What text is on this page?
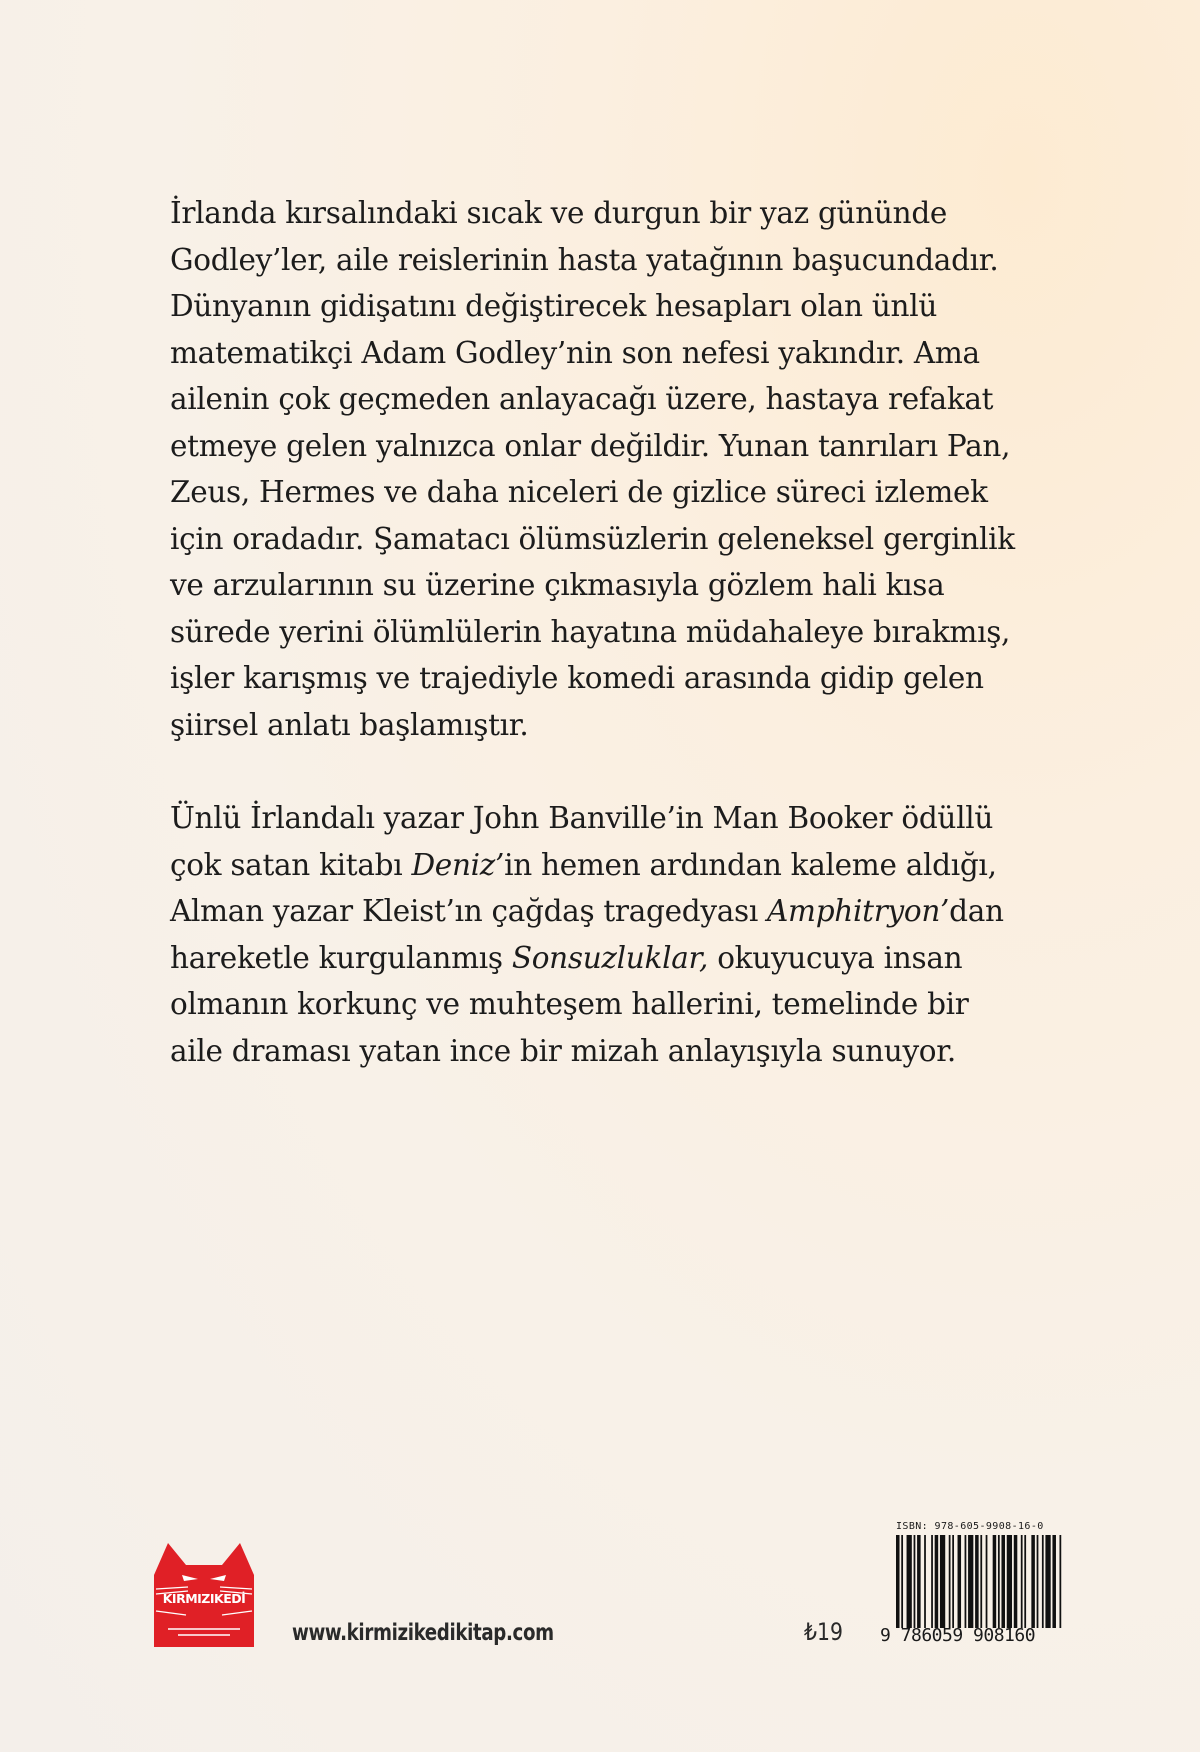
İrlanda kırsalındaki sıcak ve durgun bir yaz gününde
Godley’ler, aile reislerinin hasta yatağının başucundadır.
Dünyanın gidişatını değiştirecek hesapları olan ünlü
matematikçi Adam Godley’nin son nefesi yakındır. Ama
ailenin çok geçmeden anlayacağı üzere, hastaya refakat
etmeye gelen yalnızca onlar değildir. Yunan tanrıları Pan,
Zeus, Hermes ve daha niceleri de gizlice süreci izlemek
için oradadır. Şamatacı ölümsüzlerin geleneksel gerginlik
ve arzularının su üzerine çıkmasıyla gözlem hali kısa
sürede yerini ölümlülerin hayatına müdahaleye bırakmış,
işler karışmış ve trajediyle komedi arasında gidip gelen
şiirsel anlatı başlamıştır.

Ünlü İrlandalı yazar John Banville’in Man Booker ödüllü
çok satan kitabı Deniz’in hemen ardından kaleme aldığı,
Alman yazar Kleist’ın çağdaş tragedyası Amphitryon’dan
hareketle kurgulanmış Sonsuzluklar, okuyucuya insan
olmanın korkunç ve muhteşem hallerini, temelinde bir
aile draması yatan ince bir mizah anlayışıyla sunuyor.

KIRMIZIKEDİ
www.kirmizikedikitap.com	₺19
ISBN: 978-605-9908-16-0
9 786059 908160
